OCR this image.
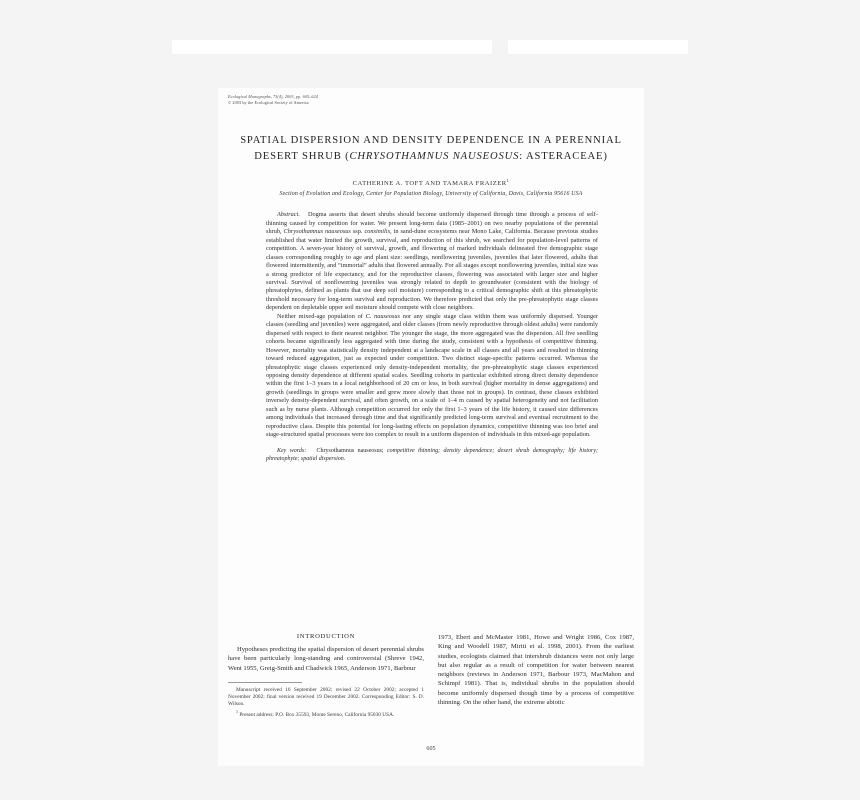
Ecological Monographs, 73(4), 2003, pp. 605–624
© 2003 by the Ecological Society of America
SPATIAL DISPERSION AND DENSITY DEPENDENCE IN A PERENNIAL
DESERT SHRUB (CHRYSOTHAMNUS NAUSEOSUS: ASTERACEAE)
CATHERINE A. TOFT AND TAMARA FRAIZER$^1$
Section of Evolution and Ecology, Center for Population Biology, University of California, Davis, California 95616 USA

Abstract. Dogma asserts that desert shrubs should become uniformly dispersed through time through a process of self-thinning caused by competition for water. We present long-term data (1985–2001) on two nearby populations of the perennial shrub, Chrysothamnus nauseosus ssp. consimilis, in sand-dune ecosystems near Mono Lake, California. Because previous studies established that water limited the growth, survival, and reproduction of this shrub, we searched for population-level patterns of competition. A seven-year history of survival, growth, and flowering of marked individuals delineated five demographic stage classes corresponding roughly to age and plant size: seedlings, nonflowering juveniles, juveniles that later flowered, adults that flowered intermittently, and “immortal” adults that flowered annually. For all stages except nonflowering juveniles, initial size was a strong predictor of life expectancy, and for the reproductive classes, flowering was associated with larger size and higher survival. Survival of nonflowering juveniles was strongly related to depth to groundwater (consistent with the biology of phreatophytes, defined as plants that use deep soil moisture) corresponding to a critical demographic shift at this phreatophytic threshold necessary for long-term survival and reproduction. We therefore predicted that only the pre-phreatophytic stage classes dependent on depletable upper soil moisture should compete with close neighbors.

Neither mixed-age population of C. nauseosus nor any single stage class within them was uniformly dispersed. Younger classes (seedling and juveniles) were aggregated, and older classes (from newly reproductive through oldest adults) were randomly dispersed with respect to their nearest neighbor. The younger the stage, the more aggregated was the dispersion. All five seedling cohorts became significantly less aggregated with time during the study, consistent with a hypothesis of competitive thinning. However, mortality was statistically density independent at a landscape scale in all classes and all years and resulted in thinning toward reduced aggregation, just as expected under competition. Two distinct stage-specific patterns occurred. Whereas the phreatophytic stage classes experienced only density-independent mortality, the pre-phreatophytic stage classes experienced opposing density dependence at different spatial scales. Seedling cohorts in particular exhibited strong direct density dependence within the first 1–3 years in a local neighborhood of 20 cm or less, in both survival (higher mortality in dense aggregations) and growth (seedlings in groups were smaller and grew more slowly than those not in groups). In contrast, these classes exhibited inversely density-dependent survival, and often growth, on a scale of 1–4 m caused by spatial heterogeneity and not facilitation such as by nurse plants. Although competition occurred for only the first 1–3 years of the life history, it caused size differences among individuals that increased through time and that significantly predicted long-term survival and eventual recruitment to the reproductive class. Despite this potential for long-lasting effects on population dynamics, competitive thinning was too brief and stage-structured spatial processes were too complex to result in a uniform dispersion of individuals in this mixed-age population.

Key words: Chrysothamnus nauseosus; competitive thinning; density dependence; desert shrub demography; life history; phreatophyte; spatial dispersion.
INTRODUCTION

Hypotheses predicting the spatial dispersion of desert perennial shrubs have been particularly long-standing and controversial (Shreve 1942, Went 1955, Greig-Smith and Chadwick 1965, Anderson 1971, Barbour

Manuscript received 16 September 2002; revised 22 October 2002; accepted 1 November 2002; final version received 19 December 2002. Corresponding Editor: S. D. Wilson.

$^1$ Present address: P.O. Box 35593, Monte Sereno, California 95030 USA.

1973, Ebert and McMaster 1981, Howe and Wright 1986, Cox 1987, King and Woodell 1987, Miriti et al. 1998, 2001). From the earliest studies, ecologists claimed that intershrub distances were not only large but also regular as a result of competition for water between nearest neighbors (reviews in Anderson 1971, Barbour 1973, MacMahon and Schimpf 1981). That is, individual shrubs in the population should become uniformly dispersed though time by a process of competitive thinning. On the other hand, the extreme abiotic

605
